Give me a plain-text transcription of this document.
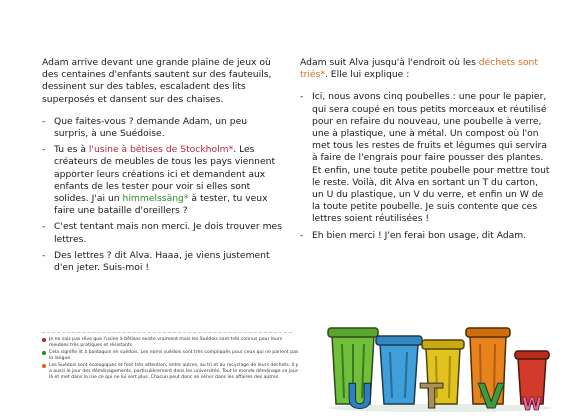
Adam arrive devant une grande plaine de jeux où des centaines d'enfants sautent sur des fauteuils, dessinent sur des tables, escaladent des lits superposés et dansent sur des chaises.

- Que faites-vous ? demande Adam, un peu surpris, à une Suédoise.
- Tu es à l'usine à bêtises de Stockholm*. Les créateurs de meubles de tous les pays viennent apporter leurs créations ici et demandent aux enfants de les tester pour voir si elles sont solides. J'ai un himmelssäng* à tester, tu veux faire une bataille d'oreillers ?
- C'est tentant mais non merci. Je dois trouver mes lettres.
- Des lettres ? dit Alva. Haaa, je viens justement d'en jeter. Suis-moi !

Adam suit Alva jusqu'à l'endroit où les déchets sont triés*. Elle lui explique :

- Ici, nous avons cinq poubelles : une pour le papier, qui sera coupé en tous petits morceaux et réutilisé pour en refaire du nouveau, une poubelle à verre, une à plastique, une à métal. Un compost où l'on met tous les restes de fruits et légumes qui servira à faire de l'engrais pour faire pousser des plantes. Et enfin, une toute petite poubelle pour mettre tout le reste. Voilà, dit Alva en sortant un T du carton, un U du plastique, un V du verre, et enfin un W de la toute petite poubelle. Je suis contente que ces lettres soient réutilisées !
- Eh bien merci ! J'en ferai bon usage, dit Adam.
Je ne sais pas rêve que l'usine à bêtises existe vraiment mais les Suédois sont très connus pour leurs meubles très pratiques et résistants.
Cela signifie lit à baldaquin en suédois. Les noms suédois sont très compliqués pour ceux qui ne parlent pas la langue.
Les Suédois sont écologiques et font très attention, entre autres, au tri et au recyclage de leurs déchets. Il y a aussi le jour des déménagements, particulièrement dans les universités. Tout le monde déménage ce jour-là et met dans la rue ce qui ne lui sert plus. Chacun peut donc se servir dans les affaires des autres.	U T V W
